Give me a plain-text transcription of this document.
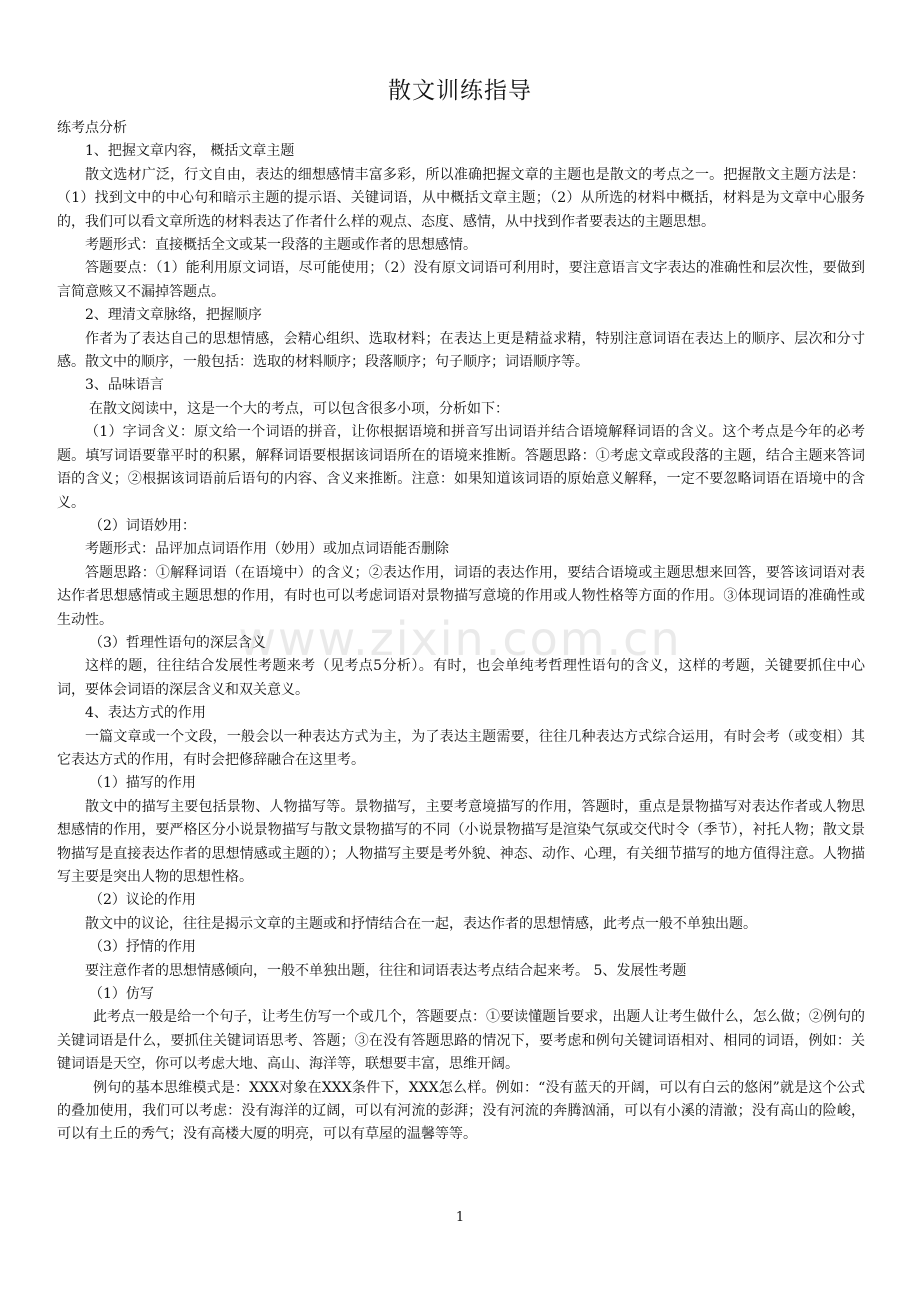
www.zixin.com.cn
散文训练指导

练考点分析

1、把握文章内容， 概括文章主题

散文选材广泛，行文自由，表达的细想感情丰富多彩，所以准确把握文章的主题也是散文的考点之一。把握散文主题方法是：（1）找到文中的中心句和暗示主题的提示语、关键词语，从中概括文章主题；（2）从所选的材料中概括，材料是为文章中心服务的，我们可以看文章所选的材料表达了作者什么样的观点、态度、感情，从中找到作者要表达的主题思想。

考题形式：直接概括全文或某一段落的主题或作者的思想感情。

答题要点：（1）能利用原文词语，尽可能使用；（2）没有原文词语可利用时，要注意语言文字表达的准确性和层次性，要做到言简意赅又不漏掉答题点。

2、理清文章脉络，把握顺序

作者为了表达自己的思想情感，会精心组织、选取材料；在表达上更是精益求精，特别注意词语在表达上的顺序、层次和分寸感。散文中的顺序，一般包括：选取的材料顺序；段落顺序；句子顺序；词语顺序等。

3、品味语言

在散文阅读中，这是一个大的考点，可以包含很多小项，分析如下：

（1）字词含义：原文给一个词语的拼音，让你根据语境和拼音写出词语并结合语境解释词语的含义。这个考点是今年的必考题。填写词语要靠平时的积累，解释词语要根据该词语所在的语境来推断。答题思路：①考虑文章或段落的主题，结合主题来答词语的含义；②根据该词语前后语句的内容、含义来推断。注意：如果知道该词语的原始意义解释，一定不要忽略词语在语境中的含义。

（2）词语妙用：

考题形式：品评加点词语作用（妙用）或加点词语能否删除

答题思路：①解释词语（在语境中）的含义；②表达作用，词语的表达作用，要结合语境或主题思想来回答，要答该词语对表达作者思想感情或主题思想的作用，有时也可以考虑词语对景物描写意境的作用或人物性格等方面的作用。③体现词语的准确性或生动性。

（3）哲理性语句的深层含义

这样的题，往往结合发展性考题来考（见考点5分析）。有时，也会单纯考哲理性语句的含义，这样的考题，关键要抓住中心词，要体会词语的深层含义和双关意义。

4、表达方式的作用

一篇文章或一个文段，一般会以一种表达方式为主，为了表达主题需要，往往几种表达方式综合运用，有时会考（或变相）其它表达方式的作用，有时会把修辞融合在这里考。

（1）描写的作用

散文中的描写主要包括景物、人物描写等。景物描写，主要考意境描写的作用，答题时，重点是景物描写对表达作者或人物思想感情的作用，要严格区分小说景物描写与散文景物描写的不同（小说景物描写是渲染气氛或交代时令（季节），衬托人物；散文景物描写是直接表达作者的思想情感或主题的）；人物描写主要是考外貌、神态、动作、心理，有关细节描写的地方值得注意。人物描写主要是突出人物的思想性格。

（2）议论的作用

散文中的议论，往往是揭示文章的主题或和抒情结合在一起，表达作者的思想情感，此考点一般不单独出题。

（3）抒情的作用

要注意作者的思想情感倾向，一般不单独出题，往往和词语表达考点结合起来考。 5、发展性考题

（1）仿写

此考点一般是给一个句子，让考生仿写一个或几个，答题要点：①要读懂题旨要求，出题人让考生做什么，怎么做；②例句的关键词语是什么，要抓住关键词语思考、答题；③在没有答题思路的情况下，要考虑和例句关键词语相对、相同的词语，例如：关键词语是天空，你可以考虑大地、高山、海洋等，联想要丰富，思维开阔。

例句的基本思维模式是：XXX对象在XXX条件下，XXX怎么样。例如：“没有蓝天的开阔，可以有白云的悠闲”就是这个公式的叠加使用，我们可以考虑：没有海洋的辽阔，可以有河流的彭湃；没有河流的奔腾汹涌，可以有小溪的清澈；没有高山的险峻，可以有土丘的秀气；没有高楼大厦的明亮，可以有草屋的温馨等等。

1
